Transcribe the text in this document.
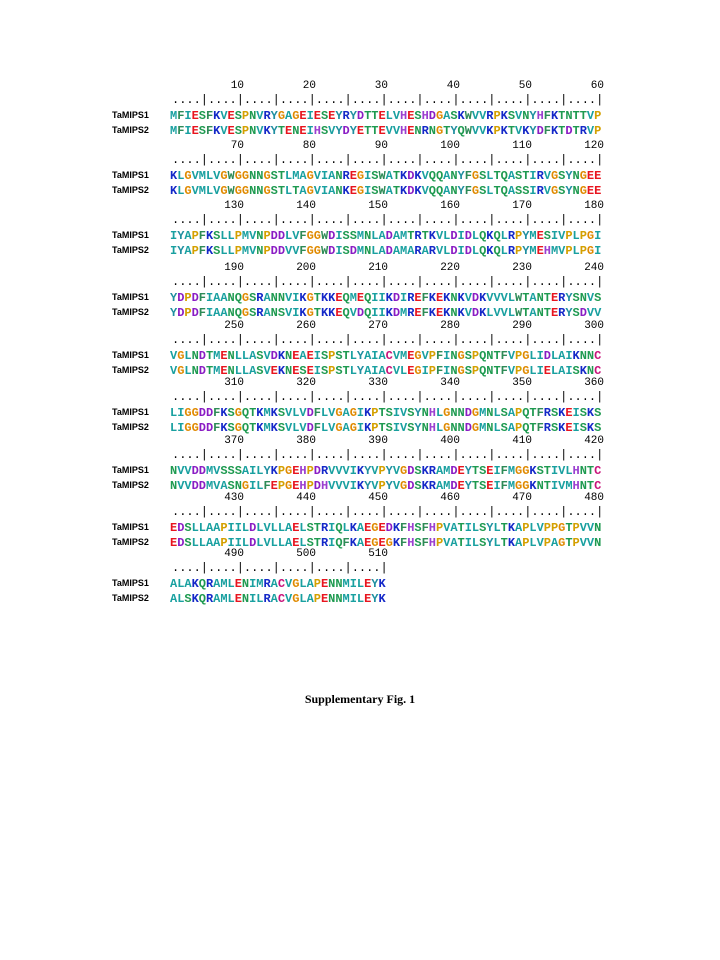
10	20	30	40	50	60
....|....|....|....|....|....|....|....|....|....|....|....|
TaMIPS1 MFIESFKVESPNVRYGAGEIESEYRYDTTELVHESHDGASKWVVRPKSVNYHFKTNTTVP
TaMIPS2 MFIESFKVESPNVKYTENEIHSVYDYETTEVVHENRNGTYQWVVKPKTVKYDFKTDTRVP
70	80	90	100	110	120
....|....|....|....|....|....|....|....|....|....|....|....|
TaMIPS1 KLGVMLVGWGGNNGSTLMAGVIANREGISWATKDKVQQANYFGSLTQASTIRVGSYNGEE
TaMIPS2 KLGVMLVGWGGNNGSTLTAGVIANKEGISWATKDKVQQANYFGSLTQASSIRVGSYNGEE
130	140	150	160	170	180
....|....|....|....|....|....|....|....|....|....|....|....|
TaMIPS1 IYAPFKSLLPMVNPDDLVFGGWDISSMNLADAMTRTKVLDIDLQKQLRPYMESIVPLPGI
TaMIPS2 IYAPFKSLLPMVNPDDVVFGGWDISDMNLADAMARARVLDIDLQKQLRPYMEHMVPLPGI
190	200	210	220	230	240
....|....|....|....|....|....|....|....|....|....|....|....|
TaMIPS1 YDPDFIAANQGSRANNVIKGTKKEQMEQIIKDIREFKEKNKVDKVVVLWTANTERYSNVS
TaMIPS2 YDPDFIAANQGSRANSVIKGTKKEQVDQIIKDMREFKEKNKVDKLVVLWTANTERYSDVV
250	260	270	280	290	300
....|....|....|....|....|....|....|....|....|....|....|....|
TaMIPS1 VGLNDTMENLLASVDKNEAEISPSTLYAIACVMEGVPFINGSPQNTFVPGLIDLAIKNNC
TaMIPS2 VGLNDTMENLLASVEKNESEISPSTLYAIACVLEGIPFINGSPQNTFVPGLIELAISKNC
310	320	330	340	350	360
....|....|....|....|....|....|....|....|....|....|....|....|
TaMIPS1 LIGGDDFKSGQTKMKSVLVDFLVGAGIKPTSIVSYNHLGNNDGMNLSAPQTFRSKEISKS
TaMIPS2 LIGGDDFKSGQTKMKSVLVDFLVGAGIKPTSIVSYNHLGNNDGMNLSAPQTFRSKEISKS
370	380	390	400	410	420
....|....|....|....|....|....|....|....|....|....|....|....|
TaMIPS1 NVVDDMVSSSAILYKPGEHPDRVVVIKYVPYVGDSKRAMDEYTSEIFMGGKSTIVLHNTC
TaMIPS2 NVVDDMVASNGILFEPGEHPDHVVVIKYVPYVGDSKRAMDEYTSEIFMGGKNTIVMHNTC
430	440	450	460	470	480
....|....|....|....|....|....|....|....|....|....|....|....|
TaMIPS1 EDSLLAAPIILDLVLLAELSTRIQLKAEGEDKFHSFHPVATILSYLTKAPLVPPGTPVVN
TaMIPS2 EDSLLAAPIILDLVLLAELSTRIQFKAEGEGKFHSFHPVATILSYLTKAPLVPAGTPVVN
490	500	510
....|....|....|....|....|....|
TaMIPS1 ALAKQRAMLENIMRACVGLAPENNMILEYK
TaMIPS2 ALSKQRAMLENILRACVGLAPENNMILEYK
Supplementary Fig. 1
